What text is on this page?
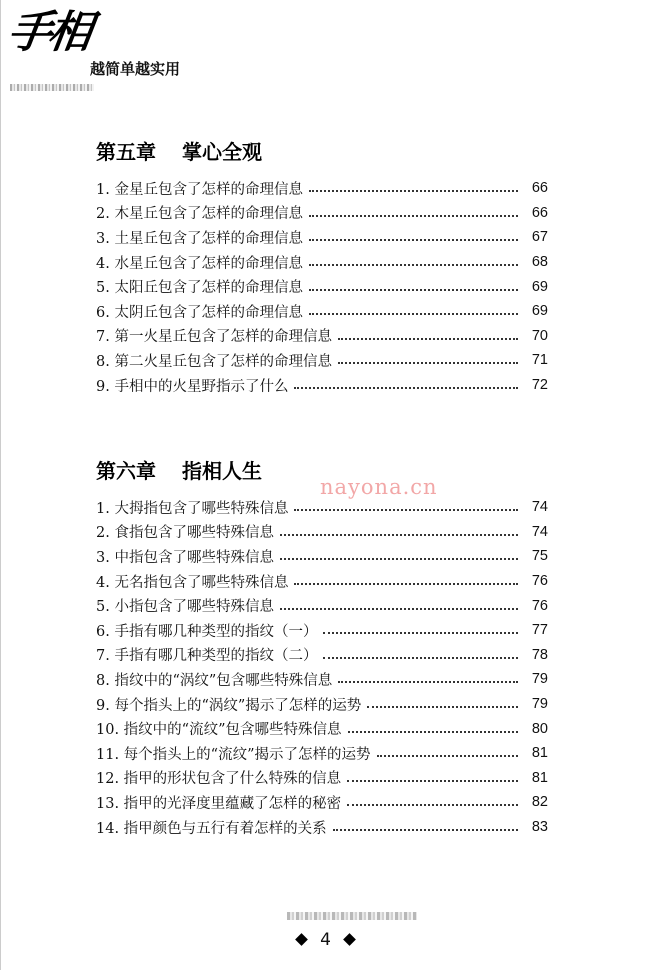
手相
越简单越实用
第五章 掌心全观
1. 金星丘包含了怎样的命理信息	66
2. 木星丘包含了怎样的命理信息	66
3. 土星丘包含了怎样的命理信息	67
4. 水星丘包含了怎样的命理信息	68
5. 太阳丘包含了怎样的命理信息	69
6. 太阴丘包含了怎样的命理信息	69
7. 第一火星丘包含了怎样的命理信息	70
8. 第二火星丘包含了怎样的命理信息	71
9. 手相中的火星野指示了什么	72
第六章 指相人生
1. 大拇指包含了哪些特殊信息	74
2. 食指包含了哪些特殊信息	74
3. 中指包含了哪些特殊信息	75
4. 无名指包含了哪些特殊信息	76
5. 小指包含了哪些特殊信息	76
6. 手指有哪几种类型的指纹（一）	77
7. 手指有哪几种类型的指纹（二）	78
8. 指纹中的“涡纹”包含哪些特殊信息	79
9. 每个指头上的“涡纹”揭示了怎样的运势	79
10. 指纹中的“流纹”包含哪些特殊信息	80
11. 每个指头上的“流纹”揭示了怎样的运势	81
12. 指甲的形状包含了什么特殊的信息	81
13. 指甲的光泽度里蕴藏了怎样的秘密	82
14. 指甲颜色与五行有着怎样的关系	83
nayona.cn
4
